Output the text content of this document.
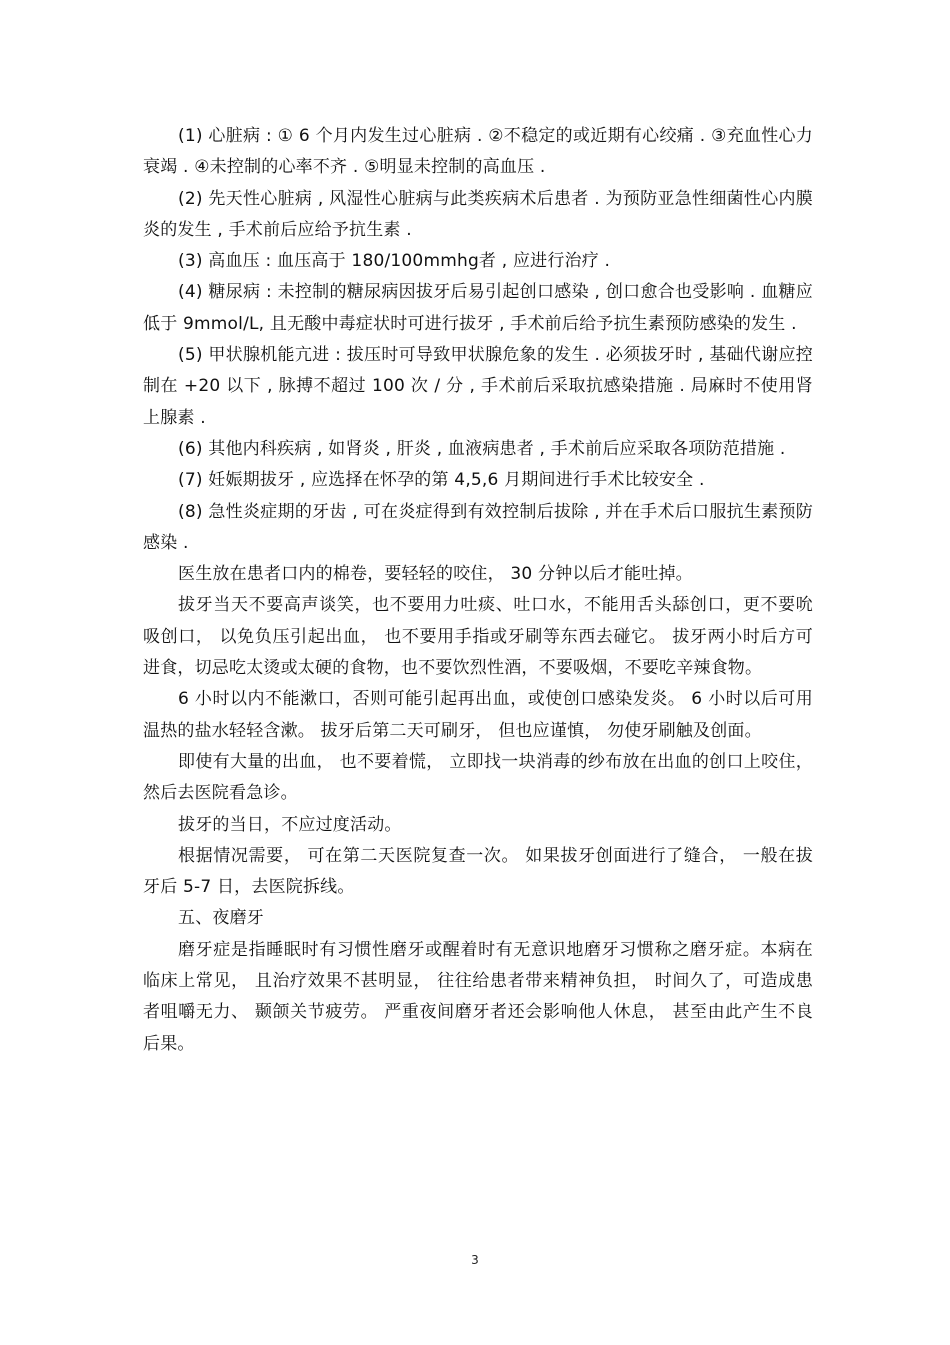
(1) 心脏病 : ① 6 个月内发生过心脏病 . ②不稳定的或近期有心绞痛 . ③充血性心力衰竭 . ④未控制的心率不齐 . ⑤明显未控制的高血压 .

(2) 先天性心脏病 , 风湿性心脏病与此类疾病术后患者 . 为预防亚急性细菌性心内膜炎的发生 , 手术前后应给予抗生素 .

(3) 高血压 : 血压高于 180/100mmhg者 , 应进行治疗 .

(4) 糖尿病 : 未控制的糖尿病因拔牙后易引起创口感染 , 创口愈合也受影响 . 血糖应低于 9mmol/L, 且无酸中毒症状时可进行拔牙 , 手术前后给予抗生素预防感染的发生 .

(5) 甲状腺机能亢进 : 拔压时可导致甲状腺危象的发生 . 必须拔牙时 , 基础代谢应控制在 +20 以下 , 脉搏不超过 100 次 / 分 , 手术前后采取抗感染措施 . 局麻时不使用肾上腺素 .

(6) 其他内科疾病 , 如肾炎 , 肝炎 , 血液病患者 , 手术前后应采取各项防范措施 .

(7) 妊娠期拔牙 , 应选择在怀孕的第 4,5,6 月期间进行手术比较安全 .

(8) 急性炎症期的牙齿 , 可在炎症得到有效控制后拔除 , 并在手术后口服抗生素预防感染 .

医生放在患者口内的棉卷，要轻轻的咬住， 30 分钟以后才能吐掉。

拔牙当天不要高声谈笑，也不要用力吐痰、吐口水，不能用舌头舔创口，更不要吮吸创口， 以免负压引起出血， 也不要用手指或牙刷等东西去碰它。 拔牙两小时后方可进食，切忌吃太烫或太硬的食物，也不要饮烈性酒，不要吸烟，不要吃辛辣食物。

6 小时以内不能漱口，否则可能引起再出血，或使创口感染发炎。 6 小时以后可用温热的盐水轻轻含漱。 拔牙后第二天可刷牙， 但也应谨慎， 勿使牙刷触及创面。

即使有大量的出血， 也不要着慌， 立即找一块消毒的纱布放在出血的创口上咬住，然后去医院看急诊。

拔牙的当日，不应过度活动。

根据情况需要， 可在第二天医院复查一次。 如果拔牙创面进行了缝合， 一般在拔牙后 5-7 日，去医院拆线。

五、夜磨牙

磨牙症是指睡眠时有习惯性磨牙或醒着时有无意识地磨牙习惯称之磨牙症。本病在临床上常见， 且治疗效果不甚明显， 往往给患者带来精神负担， 时间久了，可造成患者咀嚼无力、 颞颌关节疲劳。 严重夜间磨牙者还会影响他人休息， 甚至由此产生不良后果。

3
